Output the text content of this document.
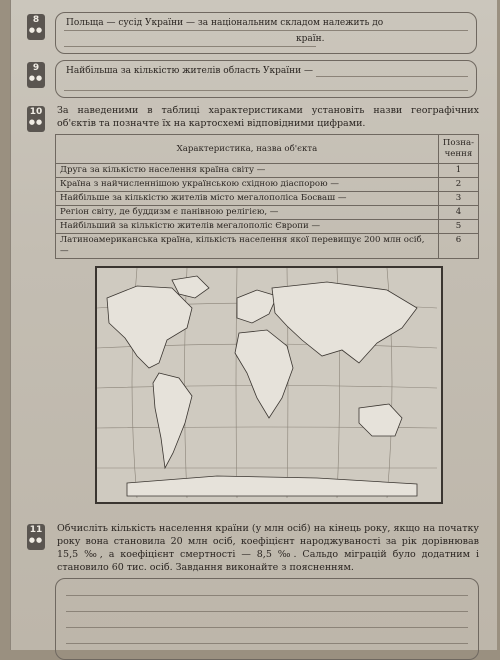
8
●●
Польща — сусід України — за національним складом належить до
країн.
9
●●
Найбільша за кількістю жителів область України —
10
●●
За наведеними в таблиці характеристиками установіть назви географічних об'єктів та позначте їх на картосхемі відповідними цифрами.
Характеристика, назва об'єкта	Позна-чення
Друга за кількістю населення країна світу —	1
Країна з найчисленнішою українською східною діаспорою —	2
Найбільше за кількістю жителів місто мегалополіса Босваш —	3
Регіон світу, де буддизм є панівною релігією, —	4
Найбільший за кількістю жителів мегалополіс Європи —	5
Латиноамериканська країна, кількість населення якої перевищує 200 млн осіб, —	6
11
●●
Обчисліть кількість населення країни (у млн осіб) на кінець року, якщо на початку року вона становила 20 млн осіб, коефіцієнт народжуваності за рік дорівнював 15,5 ‰, а коефіцієнт смертності — 8,5 ‰. Сальдо міграцій було додатним і становило 60 тис. осіб. Завдання виконайте з поясненням.
